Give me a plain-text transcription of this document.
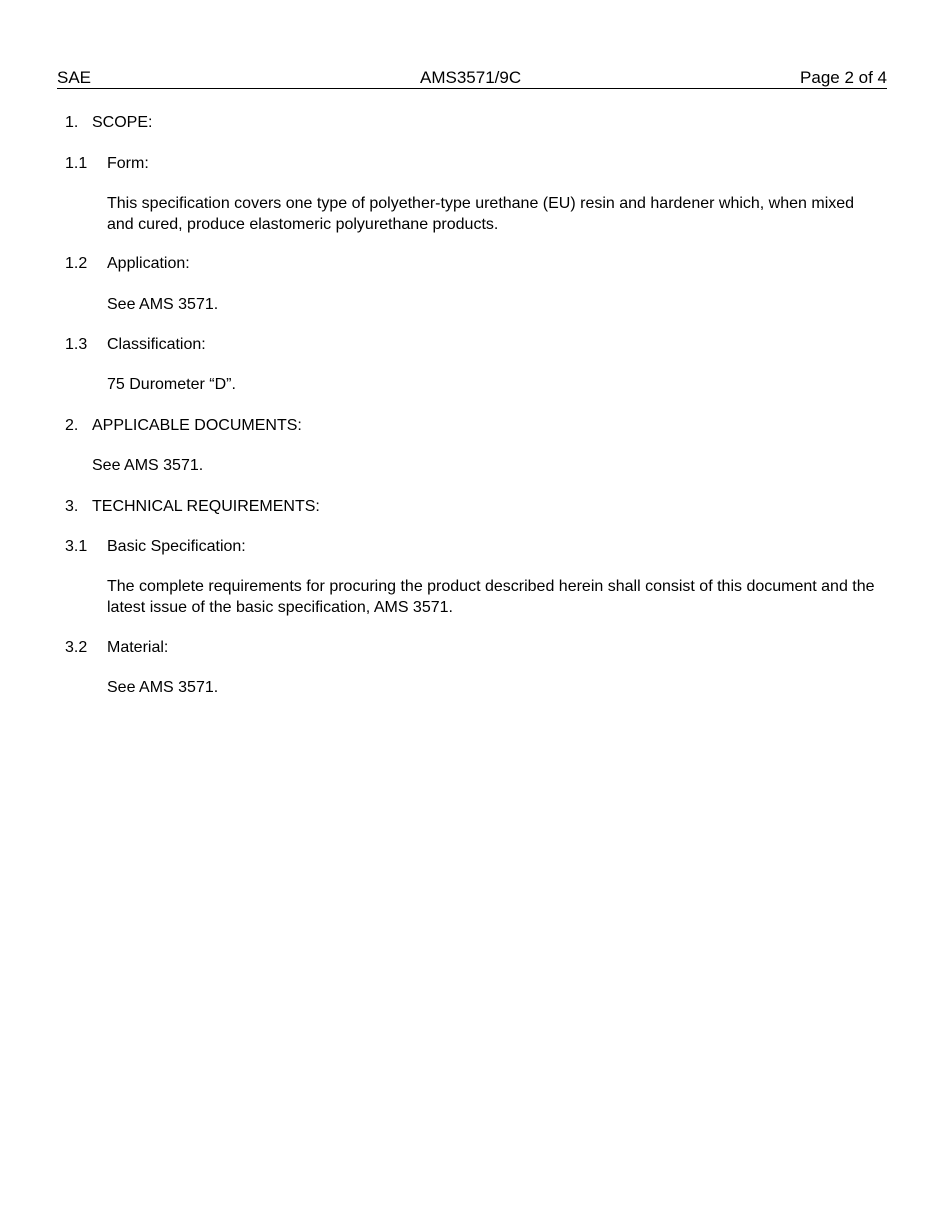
SAE	AMS3571/9C	Page 2 of 4
1. SCOPE:
1.1 Form:
This specification covers one type of polyether-type urethane (EU) resin and hardener which, when mixed and cured, produce elastomeric polyurethane products.
1.2 Application:
See AMS 3571.
1.3 Classification:
75 Durometer “D”.
2. APPLICABLE DOCUMENTS:
See AMS 3571.
3. TECHNICAL REQUIREMENTS:
3.1 Basic Specification:
The complete requirements for procuring the product described herein shall consist of this document and the latest issue of the basic specification, AMS 3571.
3.2 Material:
See AMS 3571.
